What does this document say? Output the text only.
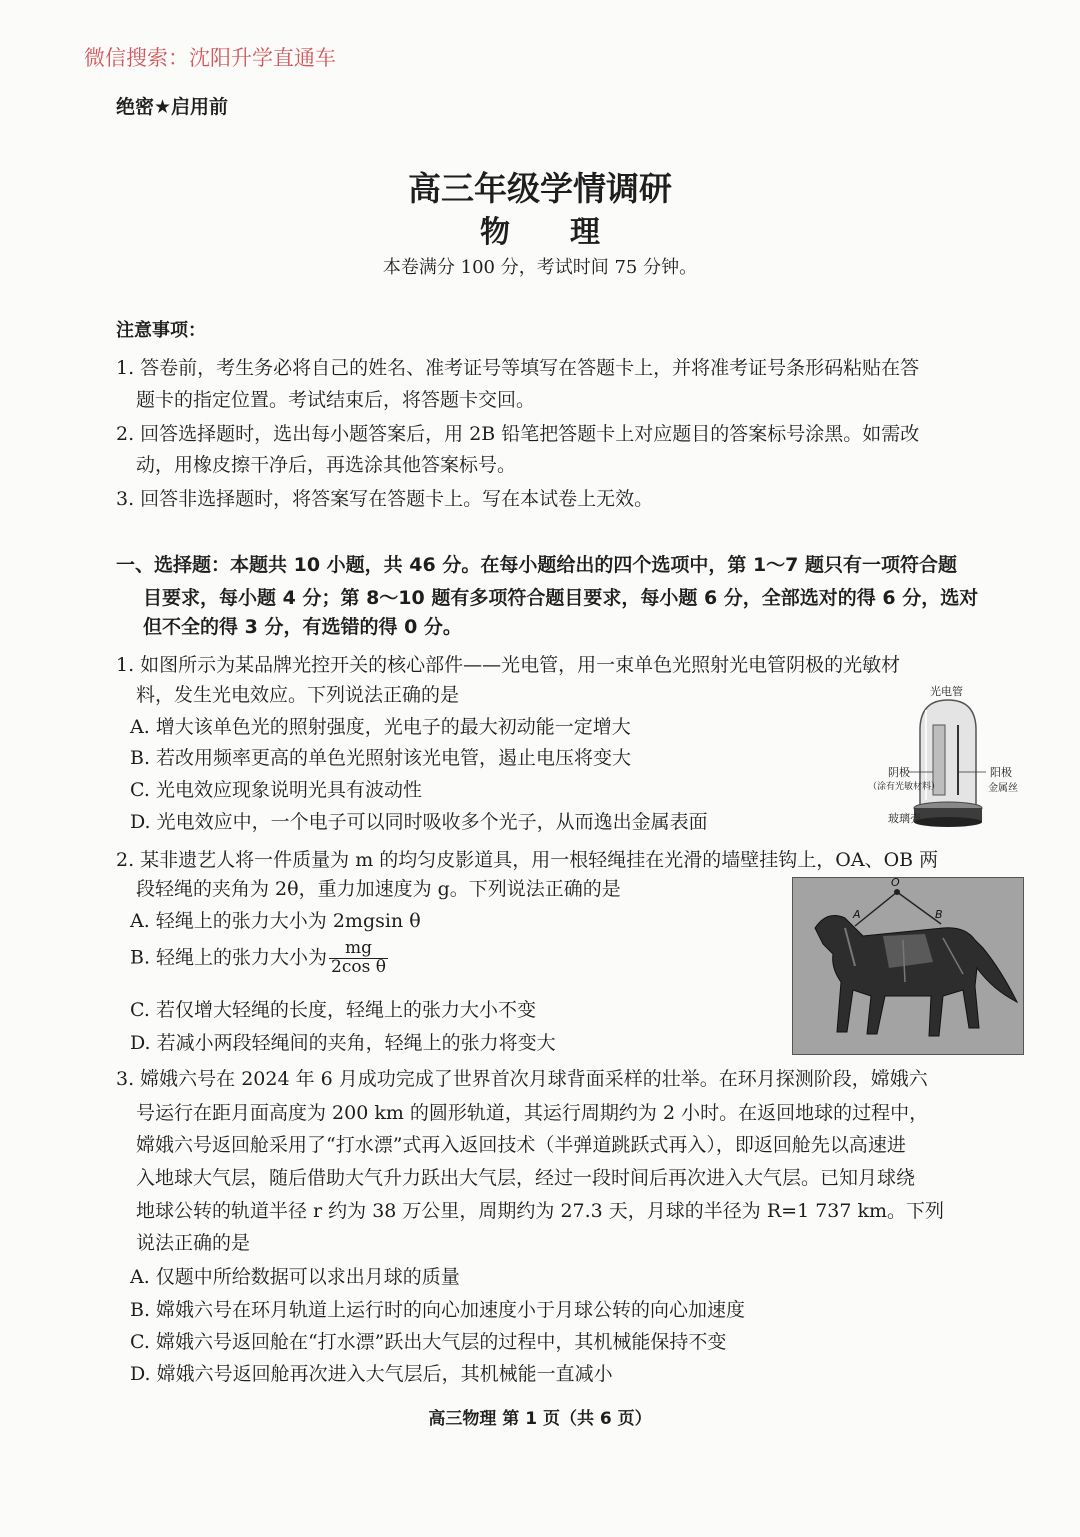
微信搜索：沈阳升学直通车
绝密★启用前
高三年级学情调研
物　　理
本卷满分 100 分，考试时间 75 分钟。
注意事项：
1. 答卷前，考生务必将自己的姓名、准考证号等填写在答题卡上，并将准考证号条形码粘贴在答
题卡的指定位置。考试结束后，将答题卡交回。
2. 回答选择题时，选出每小题答案后，用 2B 铅笔把答题卡上对应题目的答案标号涂黑。如需改
动，用橡皮擦干净后，再选涂其他答案标号。
3. 回答非选择题时，将答案写在答题卡上。写在本试卷上无效。
一、选择题：本题共 10 小题，共 46 分。在每小题给出的四个选项中，第 1～7 题只有一项符合题
目要求，每小题 4 分；第 8～10 题有多项符合题目要求，每小题 6 分，全部选对的得 6 分，选对
但不全的得 3 分，有选错的得 0 分。
1. 如图所示为某品牌光控开关的核心部件——光电管，用一束单色光照射光电管阴极的光敏材
料，发生光电效应。下列说法正确的是
A. 增大该单色光的照射强度，光电子的最大初动能一定增大
B. 若改用频率更高的单色光照射该光电管，遏止电压将变大
C. 光电效应现象说明光具有波动性
D. 光电效应中，一个电子可以同时吸收多个光子，从而逸出金属表面
光电管
阴极
（涂有光敏材料）
阳极
金属丝
玻璃壳
2. 某非遗艺人将一件质量为 m 的均匀皮影道具，用一根轻绳挂在光滑的墙壁挂钩上，OA、OB 两
段轻绳的夹角为 2θ，重力加速度为 g。下列说法正确的是
A. 轻绳上的张力大小为 2mgsin θ
B. 轻绳上的张力大小为 $\frac{mg}{\text{2cos θ}}$
C. 若仅增大轻绳的长度，轻绳上的张力大小不变
D. 若减小两段轻绳间的夹角，轻绳上的张力将变大
O
A	B
3. 嫦娥六号在 2024 年 6 月成功完成了世界首次月球背面采样的壮举。在环月探测阶段，嫦娥六
号运行在距月面高度为 200 km 的圆形轨道，其运行周期约为 2 小时。在返回地球的过程中，
嫦娥六号返回舱采用了“打水漂”式再入返回技术（半弹道跳跃式再入），即返回舱先以高速进
入地球大气层，随后借助大气升力跃出大气层，经过一段时间后再次进入大气层。已知月球绕
地球公转的轨道半径 r 约为 38 万公里，周期约为 27.3 天，月球的半径为 R=1 737 km。下列
说法正确的是
A. 仅题中所给数据可以求出月球的质量
B. 嫦娥六号在环月轨道上运行时的向心加速度小于月球公转的向心加速度
C. 嫦娥六号返回舱在“打水漂”跃出大气层的过程中，其机械能保持不变
D. 嫦娥六号返回舱再次进入大气层后，其机械能一直减小
高三物理 第 1 页（共 6 页）
